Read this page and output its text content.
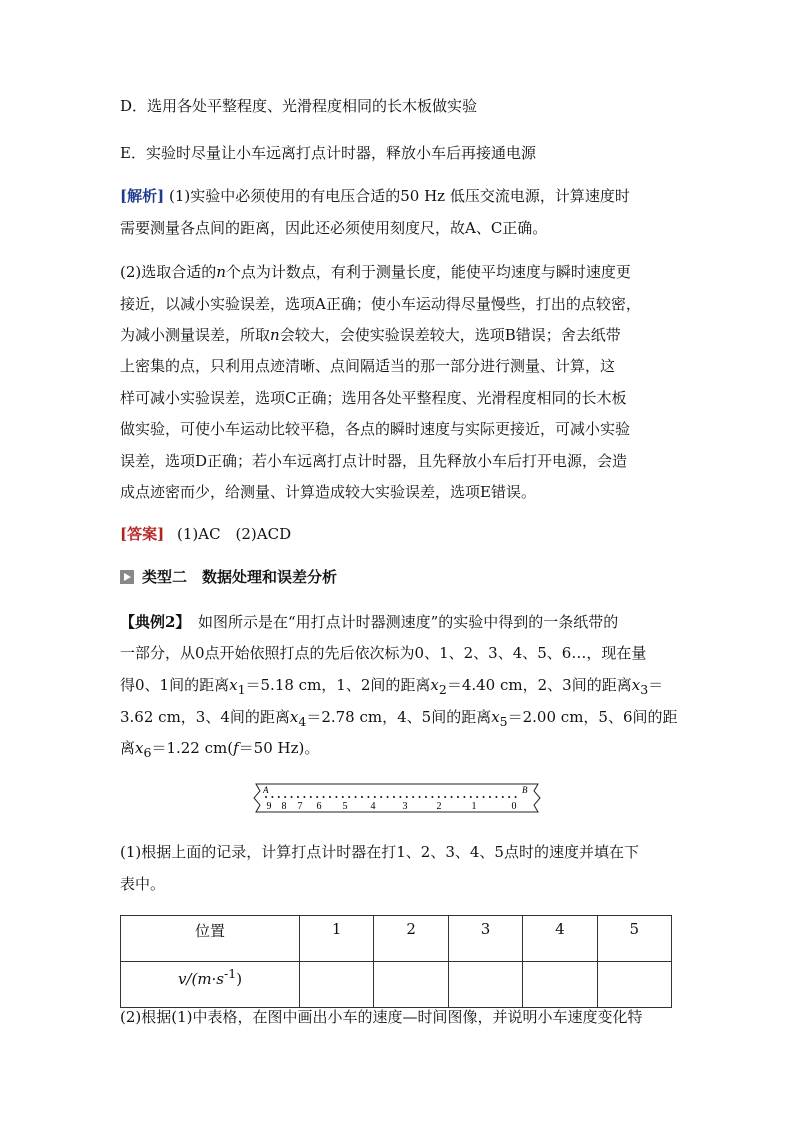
D．选用各处平整程度、光滑程度相同的长木板做实验
E．实验时尽量让小车远离打点计时器，释放小车后再接通电源
[解析] (1)实验中必须使用的有电压合适的50 Hz 低压交流电源，计算速度时
需要测量各点间的距离，因此还必须使用刻度尺，故A、C正确。
(2)选取合适的n个点为计数点，有利于测量长度，能使平均速度与瞬时速度更
接近，以减小实验误差，选项A正确；使小车运动得尽量慢些，打出的点较密，
为减小测量误差，所取n会较大，会使实验误差较大，选项B错误；舍去纸带
上密集的点，只利用点迹清晰、点间隔适当的那一部分进行测量、计算，这
样可减小实验误差，选项C正确；选用各处平整程度、光滑程度相同的长木板
做实验，可使小车运动比较平稳，各点的瞬时速度与实际更接近，可减小实验
误差，选项D正确；若小车远离打点计时器，且先释放小车后打开电源，会造
成点迹密而少，给测量、计算造成较大实验误差，选项E错误。
[答案] (1)AC　(2)ACD
类型二　数据处理和误差分析
【典例2】　如图所示是在“用打点计时器测速度”的实验中得到的一条纸带的
一部分，从0点开始依照打点的先后依次标为0、1、2、3、4、5、6…，现在量
得0、1间的距离$x_1=5.18$ cm，1、2间的距离$x_2=4.40$ cm，2、3间的距离$x_3=$
3.62 cm，3、4间的距离$x_4=2.78$ cm，4、5间的距离$x_5=2.00$ cm，5、6间的距
离$x_6=1.22$ cm(f＝50 Hz)。
A	B
9 8 7 6 5 4	3	2	1	0
(1)根据上面的记录，计算打点计时器在打1、2、3、4、5点时的速度并填在下
表中。
位置	1	2	3	4	5
$v/(m\cdot s^{-1})$					
(2)根据(1)中表格，在图中画出小车的速度—时间图像，并说明小车速度变化特
